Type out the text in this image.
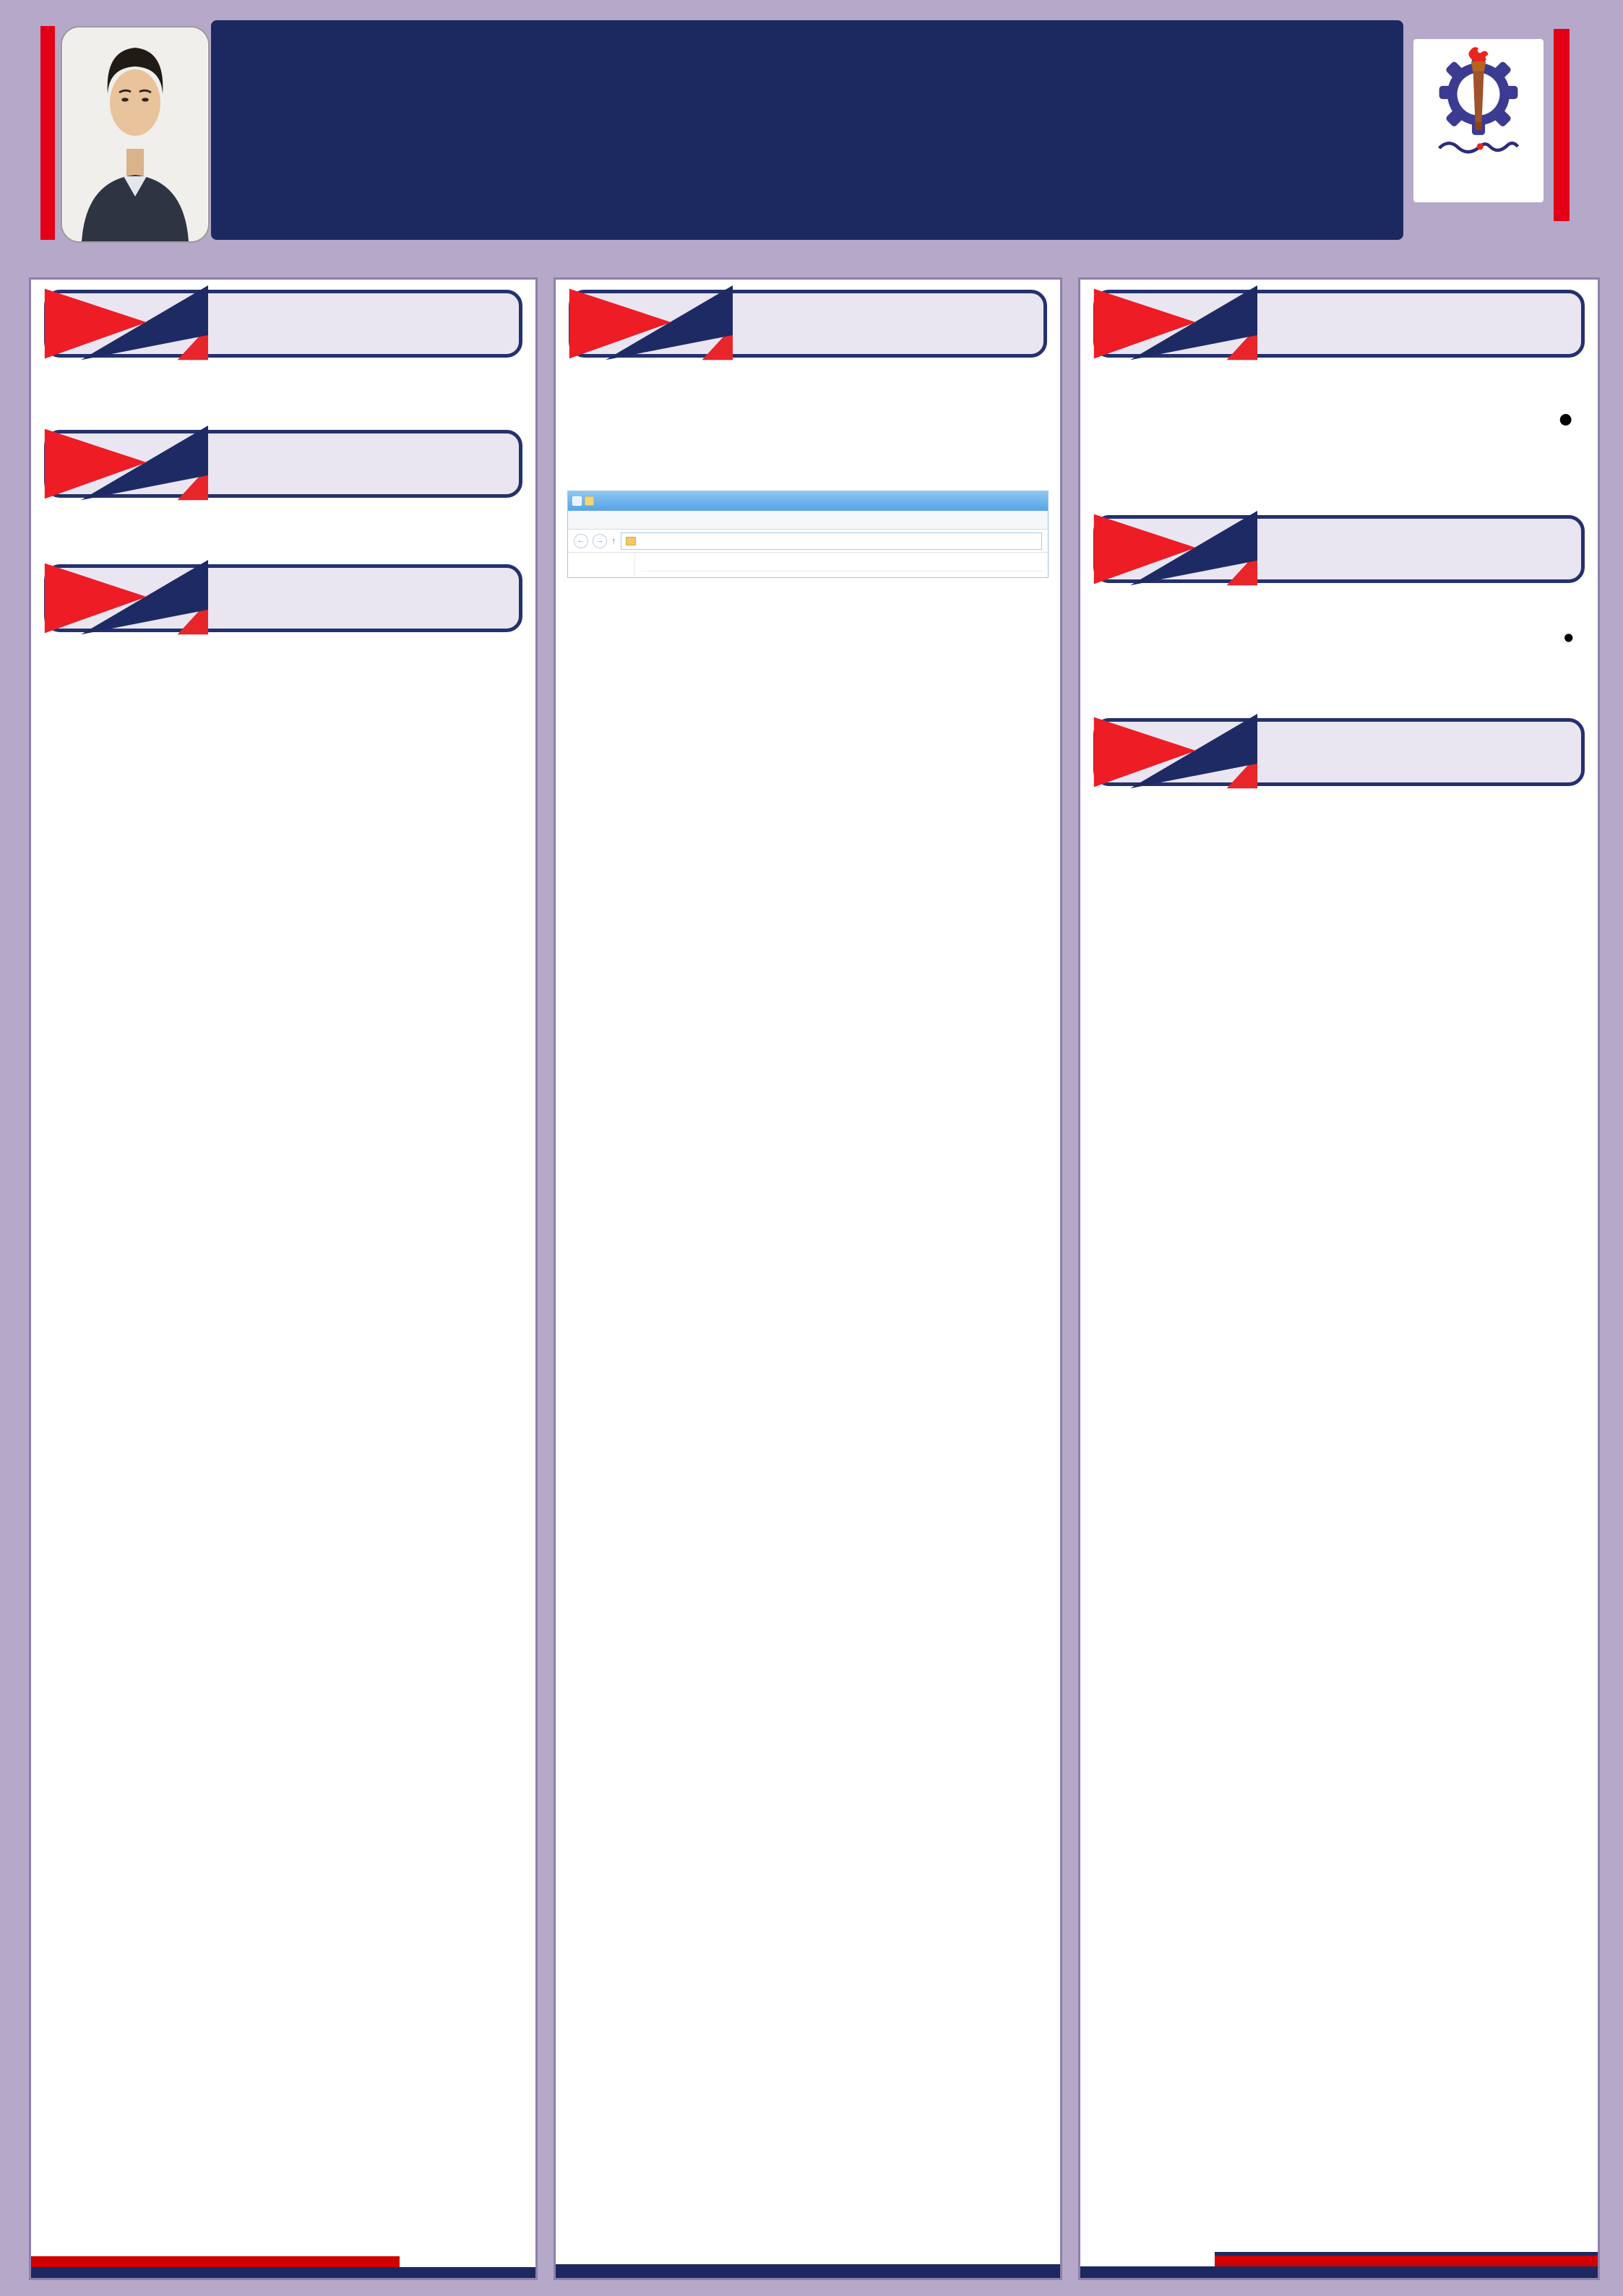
←	→ ↑
•

•
